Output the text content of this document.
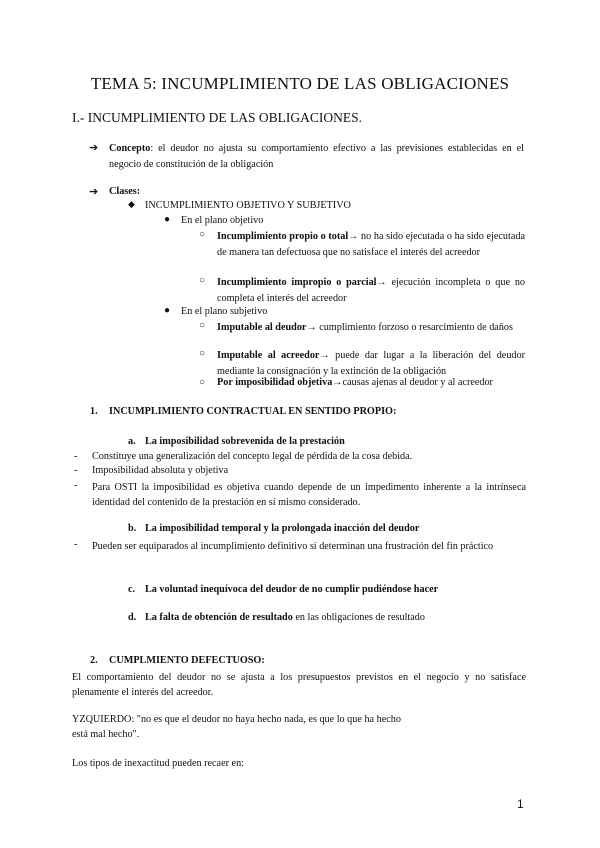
TEMA 5: INCUMPLIMIENTO DE LAS OBLIGACIONES
I.- INCUMPLIMIENTO DE LAS OBLIGACIONES.
➔ Concepto: el deudor no ajusta su comportamiento efectivo a las previsiones establecidas en el negocio de constitución de la obligación
➔ Clases:
◆ INCUMPLIMIENTO OBJETIVO Y SUBJETIVO
● En el plano objetivo
○ Incumplimiento propio o total→ no ha sido ejecutada o ha sido ejecutada de manera tan defectuosa que no satisface el interés del acreedor
○ Incumplimiento impropio o parcial→ ejecución incompleta o que no completa el interés del acreedor
● En el plano subjetivo
○ Imputable al deudor→ cumplimiento forzoso o resarcimiento de daños
○ Imputable al acreedor→ puede dar lugar a la liberación del deudor mediante la consignación y la extinción de la obligación
○ Por imposibilidad objetiva→causas ajenas al deudor y al acreedor
1. INCUMPLIMIENTO CONTRACTUAL EN SENTIDO PROPIO:
a. La imposibilidad sobrevenida de la prestación
- Constituye una generalización del concepto legal de pérdida de la cosa debida.
- Imposibilidad absoluta y objetiva
- Para OSTI la imposibilidad es objetiva cuando depende de un impedimento inherente a la intrínseca identidad del contenido de la prestación en sí mismo considerado.
b. La imposibilidad temporal y la prolongada inacción del deudor
- Pueden ser equiparados al incumplimiento definitivo si determinan una frustración del fin práctico
c. La voluntad inequívoca del deudor de no cumplir pudiéndose hacer
d. La falta de obtención de resultado en las obligaciones de resultado
2. CUMPLMIENTO DEFECTUOSO:
El comportamiento del deudor no se ajusta a los presupuestos previstos en el negocio y no satisface plenamente el interés del acreedor.
YZQUIERDO: "no es que el deudor no haya hecho nada, es que lo que ha hecho
está mal hecho".
Los tipos de inexactitud pueden recaer en:
1
